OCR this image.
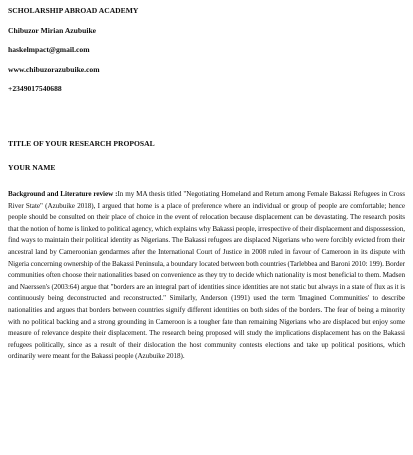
SCHOLARSHIP ABROAD ACADEMY

Chibuzor Mirian Azubuike

haskelmpact@gmail.com

www.chibuzorazubuike.com

+2349017540688

TITLE OF YOUR RESEARCH PROPOSAL

YOUR NAME

Background and Literature review :In my MA thesis titled "Negotiating Homeland and Return among Female Bakassi Refugees in Cross River State" (Azubuike 2018), I argued that home is a place of preference where an individual or group of people are comfortable; hence people should be consulted on their place of choice in the event of relocation because displacement can be devastating. The research posits that the notion of home is linked to political agency, which explains why Bakassi people, irrespective of their displacement and dispossession, find ways to maintain their political identity as Nigerians. The Bakassi refugees are displaced Nigerians who were forcibly evicted from their ancestral land by Cameroonian gendarmes after the International Court of Justice in 2008 ruled in favour of Cameroon in its dispute with Nigeria concerning ownership of the Bakassi Peninsula, a boundary located between both countries (Tarlebbea and Baroni 2010: 199). Border communities often choose their nationalities based on convenience as they try to decide which nationality is most beneficial to them. Madsen and Naerssen's (2003:64) argue that "borders are an integral part of identities since identities are not static but always in a state of flux as it is continuously being deconstructed and reconstructed." Similarly, Anderson (1991) used the term 'Imagined Communities' to describe nationalities and argues that borders between countries signify different identities on both sides of the borders. The fear of being a minority with no political backing and a strong grounding in Cameroon is a tougher fate than remaining Nigerians who are displaced but enjoy some measure of relevance despite their displacement. The research being proposed will study the implications displacement has on the Bakassi refugees politically, since as a result of their dislocation the host community contests elections and take up political positions, which ordinarily were meant for the Bakassi people (Azubuike 2018).
